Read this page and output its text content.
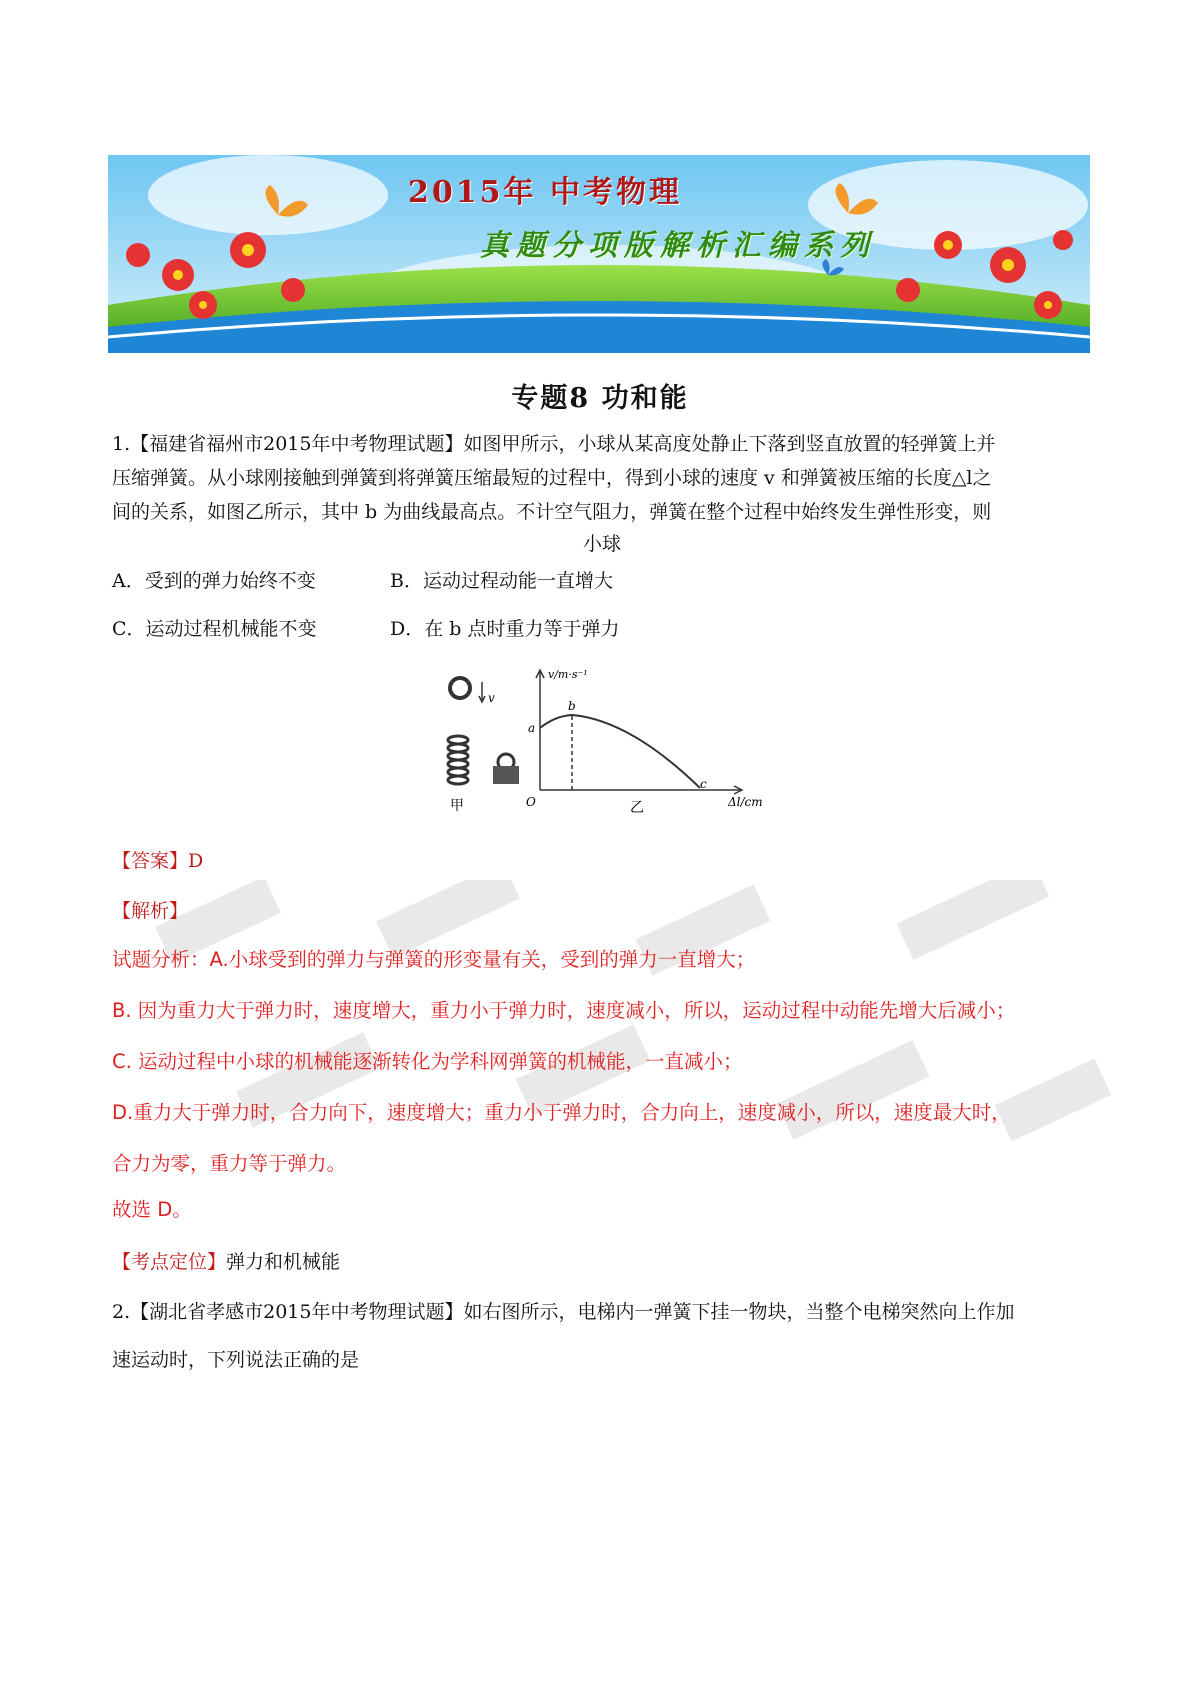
2015年 中考物理
真题分项版解析汇编系列
专题8 功和能
1.【福建省福州市2015年中考物理试题】如图甲所示，小球从某高度处静止下落到竖直放置的轻弹簧上并
压缩弹簧。从小球刚接触到弹簧到将弹簧压缩最短的过程中，得到小球的速度 v 和弹簧被压缩的长度△l之
间的关系，如图乙所示，其中 b 为曲线最高点。不计空气阻力，弹簧在整个过程中始终发生弹性形变，则
小球
A．受到的弹力始终不变	B．运动过程动能一直增大
C．运动过程机械能不变	D．在 b 点时重力等于弹力
v
甲
v/m·s⁻¹
Δl/cm
O
a
b
c
乙
【答案】D
【解析】
试题分析：A.小球受到的弹力与弹簧的形变量有关，受到的弹力一直增大；
B. 因为重力大于弹力时，速度增大，重力小于弹力时，速度减小，所以，运动过程中动能先增大后减小；
C. 运动过程中小球的机械能逐渐转化为学科网弹簧的机械能，一直减小；
D.重力大于弹力时，合力向下，速度增大；重力小于弹力时，合力向上，速度减小，所以，速度最大时，
合力为零，重力等于弹力。
故选 D。
【考点定位】弹力和机械能
2.【湖北省孝感市2015年中考物理试题】如右图所示，电梯内一弹簧下挂一物块，当整个电梯突然向上作加
速运动时，下列说法正确的是
